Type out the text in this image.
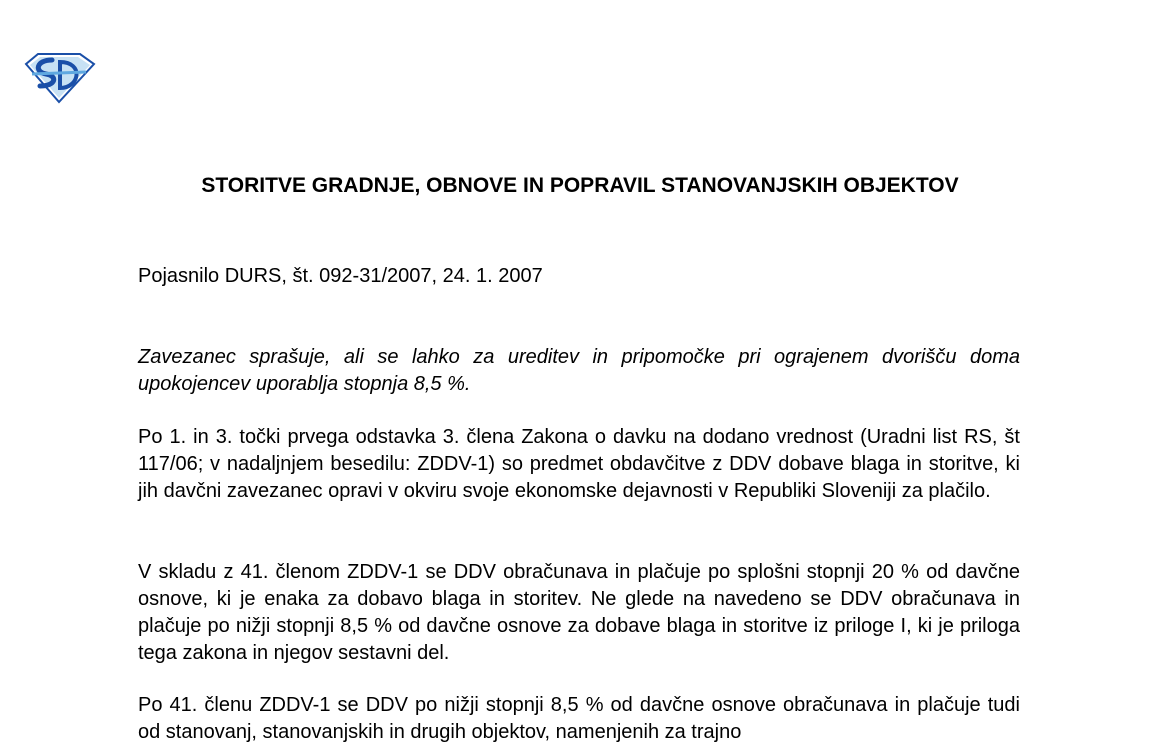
STORITVE GRADNJE, OBNOVE IN POPRAVIL STANOVANJSKIH OBJEKTOV

Pojasnilo DURS, št. 092-31/2007, 24. 1. 2007

Zavezanec sprašuje, ali se lahko za ureditev in pripomočke pri ograjenem dvorišču doma upokojencev uporablja stopnja 8,5 %.

Po 1. in 3. točki prvega odstavka 3. člena Zakona o davku na dodano vrednost (Uradni list RS, št 117/06; v nadaljnjem besedilu: ZDDV-1) so predmet obdavčitve z DDV dobave blaga in storitve, ki jih davčni zavezanec opravi v okviru svoje ekonomske dejavnosti v Republiki Sloveniji za plačilo.

V skladu z 41. členom ZDDV-1 se DDV obračunava in plačuje po splošni stopnji 20 % od davčne osnove, ki je enaka za dobavo blaga in storitev. Ne glede na navedeno se DDV obračunava in plačuje po nižji stopnji 8,5 % od davčne osnove za dobave blaga in storitve iz priloge I, ki je priloga tega zakona in njegov sestavni del.

Po 41. členu ZDDV-1 se DDV po nižji stopnji 8,5 % od davčne osnove obračunava in plačuje tudi od stanovanj, stanovanjskih in drugih objektov, namenjenih za trajno
